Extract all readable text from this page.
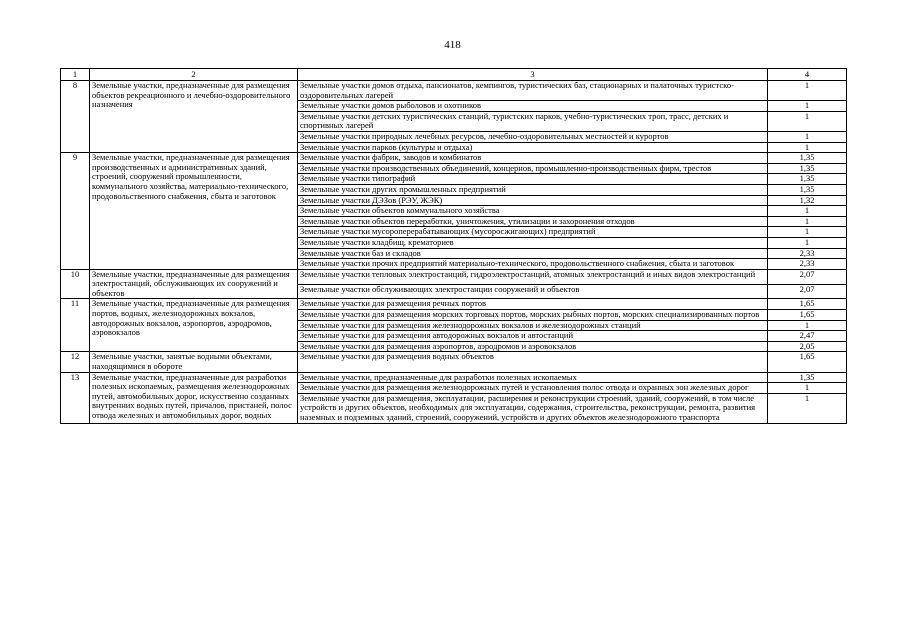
418
1	2	3	4
8	Земельные участки, предназначенные для размещения объектов рекреационного и лечебно-оздоровительного назначения	Земельные участки домов отдыха, пансионатов, кемпингов, туристических баз, стационарных и палаточных туристско-оздоровительных лагерей	1
		Земельные участки домов рыболовов и охотников	1
		Земельные участки детских туристических станций, туристских парков, учебно-туристических троп, трасс, детских и спортивных лагерей	1
		Земельные участки природных лечебных ресурсов, лечебно-оздоровительных местностей и курортов	1
		Земельные участки парков (культуры и отдыха)	1
9	Земельные участки, предназначенные для размещения производственных и административных зданий, строений, сооружений промышленности, коммунального хозяйства, материально-технического, продовольственного снабжения, сбыта и заготовок	Земельные участки фабрик, заводов и комбинатов	1,35
		Земельные участки производственных объединений, концернов, промышленно-производственных фирм, трестов	1,35
		Земельные участки типографий	1,35
		Земельные участки других промышленных предприятий	1,35
		Земельные участки ДЭЗов (РЭУ, ЖЭК)	1,32
		Земельные участки объектов коммунального хозяйства	1
		Земельные участки объектов переработки, уничтожения, утилизации и захоронения отходов	1
		Земельные участки мусороперерабатывающих (мусоросжигающих) предприятий	1
		Земельные участки кладбищ, крематориев	1
		Земельные участки баз и складов	2,33
		Земельные участки прочих предприятий материально-технического, продовольственного снабжения, сбыта и заготовок	2,33
10	Земельные участки, предназначенные для размещения электростанций, обслуживающих их сооружений и объектов	Земельные участки тепловых электростанций, гидроэлектростанций, атомных электростанций и иных видов электростанций	2,07
		Земельные участки обслуживающих электростанции сооружений и объектов	2,07
11	Земельные участки, предназначенные для размещения портов, водных, железнодорожных вокзалов, автодорожных вокзалов, аэропортов, аэродромов, аэровокзалов	Земельные участки для размещения речных портов	1,65
		Земельные участки для размещения морских торговых портов, морских рыбных портов, морских специализированных портов	1,65
		Земельные участки для размещения железнодорожных вокзалов и железнодорожных станций	1
		Земельные участки для размещения автодорожных вокзалов и автостанций	2,47
		Земельные участки для размещения аэропортов, аэродромов и аэровокзалов	2,05
12	Земельные участки, занятые водными объектами, находящимися в обороте	Земельные участки для размещения водных объектов	1,65
13	Земельные участки, предназначенные для разработки полезных ископаемых, размещения железнодорожных путей, автомобильных дорог, искусственно созданных внутренних водных путей, причалов, пристаней, полос отвода железных и автомобильных дорог, водных	Земельные участки, предназначенные для разработки полезных ископаемых	1,35
		Земельные участки для размещения железнодорожных путей и установления полос отвода и охранных зон железных дорог	1
		Земельные участки для размещения, эксплуатации, расширения и реконструкции строений, зданий, сооружений, в том числе устройств и других объектов, необходимых для эксплуатации, содержания, строительства, реконструкции, ремонта, развития наземных и подземных зданий, строений, сооружений, устройств и других объектов железнодорожного транспорта	1
